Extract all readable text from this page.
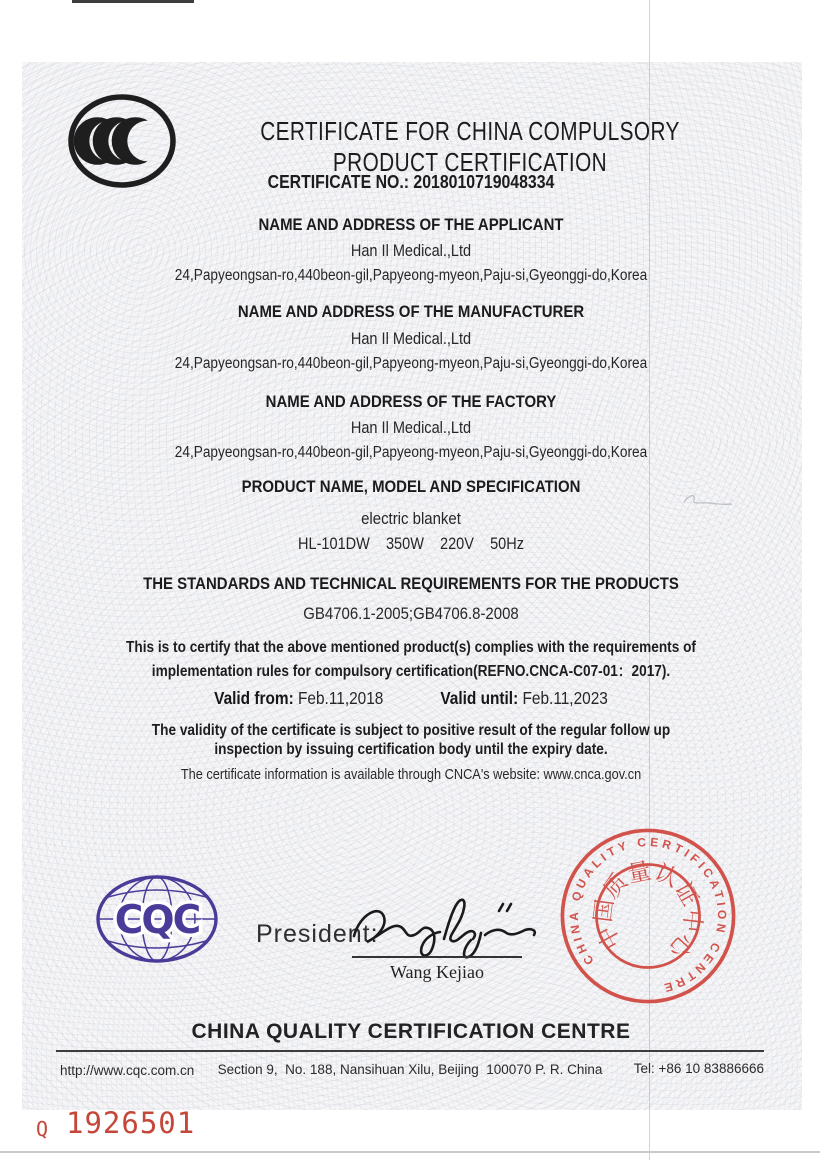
CERTIFICATE FOR CHINA COMPULSORY PRODUCT CERTIFICATION
CERTIFICATE NO.: 2018010719048334
NAME AND ADDRESS OF THE APPLICANT
Han Il Medical.,Ltd
24,Papyeongsan-ro,440beon-gil,Papyeong-myeon,Paju-si,Gyeonggi-do,Korea
NAME AND ADDRESS OF THE MANUFACTURER
Han Il Medical.,Ltd
24,Papyeongsan-ro,440beon-gil,Papyeong-myeon,Paju-si,Gyeonggi-do,Korea
NAME AND ADDRESS OF THE FACTORY
Han Il Medical.,Ltd
24,Papyeongsan-ro,440beon-gil,Papyeong-myeon,Paju-si,Gyeonggi-do,Korea
PRODUCT NAME, MODEL AND SPECIFICATION
electric blanket
HL-101DW    350W    220V    50Hz
THE STANDARDS AND TECHNICAL REQUIREMENTS FOR THE PRODUCTS
GB4706.1-2005;GB4706.8-2008
This is to certify that the above mentioned product(s) complies with the requirements of
implementation rules for compulsory certification(REFNO.CNCA-C07-01：2017).
Valid from: Feb.11,2018	Valid until: Feb.11,2023
The validity of the certificate is subject to positive result of the regular follow up
inspection by issuing certification body until the expiry date.
The certificate information is available through CNCA's website: www.cnca.gov.cn
CQC President:
Wang Kejiao
CHINA QUALITY CERTIFICATION CENTRE
中国质量认证中心
CHINA QUALITY CERTIFICATION CENTRE
http://www.cqc.com.cn	Section 9,  No. 188, Nansihuan Xilu, Beijing  100070 P. R. China	Tel: +86 10 83886666
Q 1926501
